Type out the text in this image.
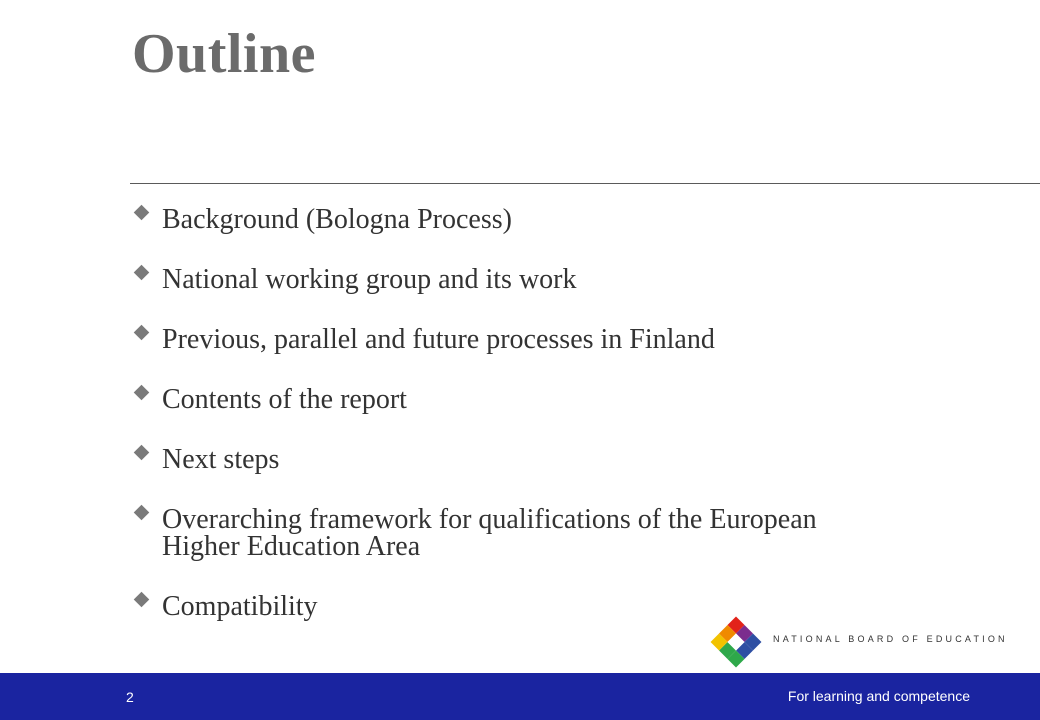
Outline
Background (Bologna Process)
National working group and its work
Previous, parallel and future processes in Finland
Contents of the report
Next steps
Overarching framework for qualifications of the European Higher Education Area
Compatibility
NATIONAL BOARD OF EDUCATION
2	For learning and competence
